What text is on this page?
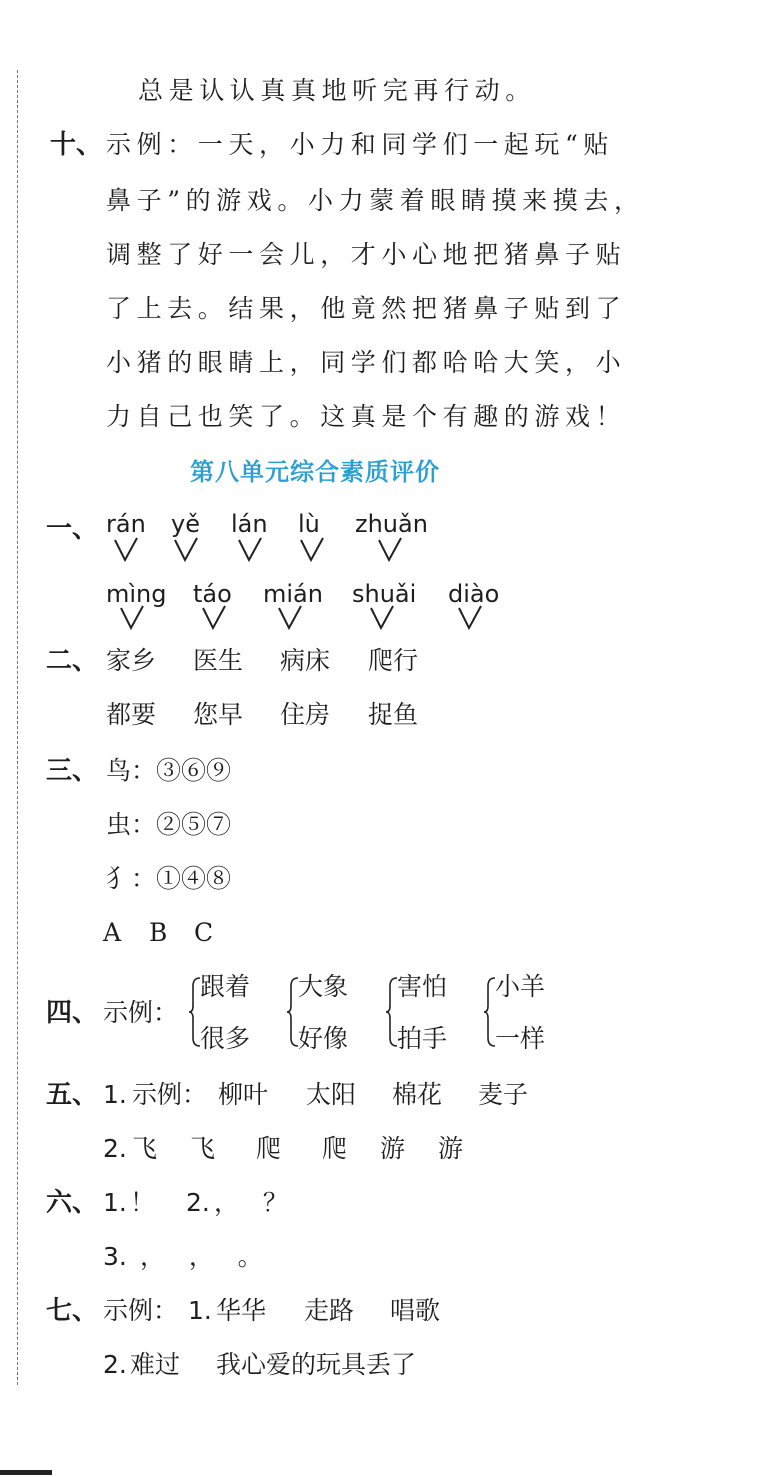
总是认认真真地听完再行动。
十、 示例：一天，小力和同学们一起玩“贴
鼻子”的游戏。小力蒙着眼睛摸来摸去，
调整了好一会儿，才小心地把猪鼻子贴
了上去。结果，他竟然把猪鼻子贴到了
小猪的眼睛上，同学们都哈哈大笑，小
力自己也笑了。这真是个有趣的游戏！
第八单元综合素质评价
一、 rán yě lán lù zhuǎn
mìng táo mián shuǎi diào
二、 家乡 医生 病床 爬行
都要 您早 住房 捉鱼
三、 鸟：③⑥⑨
虫：②⑤⑦
犭：①④⑧
A B C
四、 示例：
跟着
很多
大象
好像
害怕
拍手
小羊
一样
五、 1. 示例： 柳叶 太阳 棉花 麦子
2. 飞 飞 爬 爬 游 游
六、 1. ！ 2. ，   ？
3. ，   ，   。
七、 示例： 1. 华华 走路 唱歌
2. 难过 我心爱的玩具丢了
